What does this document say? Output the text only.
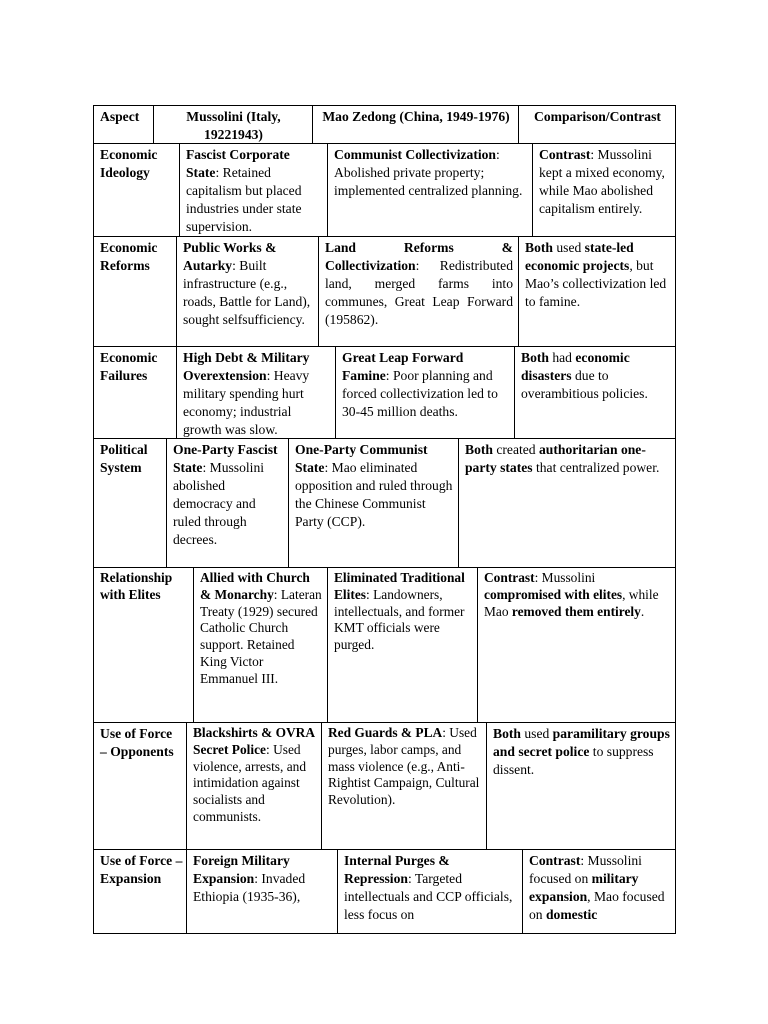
Aspect	Mussolini (Italy, 19221943)
Mao Zedong (China, 1949-1976)	Comparison/Contrast
Economic Ideology
Fascist Corporate State: Retained capitalism but placed industries under state supervision.
Communist Collectivization: Abolished private property; implemented centralized planning.
Contrast: Mussolini kept a mixed economy, while Mao abolished capitalism entirely.
Economic Reforms
Public Works & Autarky: Built infrastructure (e.g., roads, Battle for Land), sought selfsufficiency.
Land Reforms & Collectivization: Redistributed land, merged farms into communes, Great Leap Forward (195862).
Both used state-led economic projects, but Mao’s collectivization led to famine.
Economic Failures
High Debt & Military Overextension: Heavy military spending hurt economy; industrial growth was slow.
Great Leap Forward Famine: Poor planning and forced collectivization led to 30-45 million deaths.
Both had economic disasters due to overambitious policies.
Political System
One-Party Fascist State: Mussolini abolished democracy and ruled through decrees.
One-Party Communist State: Mao eliminated opposition and ruled through the Chinese Communist Party (CCP).
Both created authoritarian one-party states that centralized power.
Relationship with Elites
Allied with Church & Monarchy: Lateran Treaty (1929) secured Catholic Church support. Retained King Victor Emmanuel III.
Eliminated Traditional Elites: Landowners, intellectuals, and former KMT officials were purged.
Contrast: Mussolini compromised with elites, while Mao removed them entirely.
Use of Force – Opponents
Blackshirts & OVRA Secret Police: Used violence, arrests, and intimidation against socialists and communists.
Red Guards & PLA: Used purges, labor camps, and mass violence (e.g., Anti-Rightist Campaign, Cultural Revolution).
Both used paramilitary groups and secret police to suppress dissent.
Use of Force – Expansion
Foreign Military Expansion: Invaded Ethiopia (1935-36),
Internal Purges & Repression: Targeted intellectuals and CCP officials, less focus on
Contrast: Mussolini focused on military expansion, Mao focused on domestic
